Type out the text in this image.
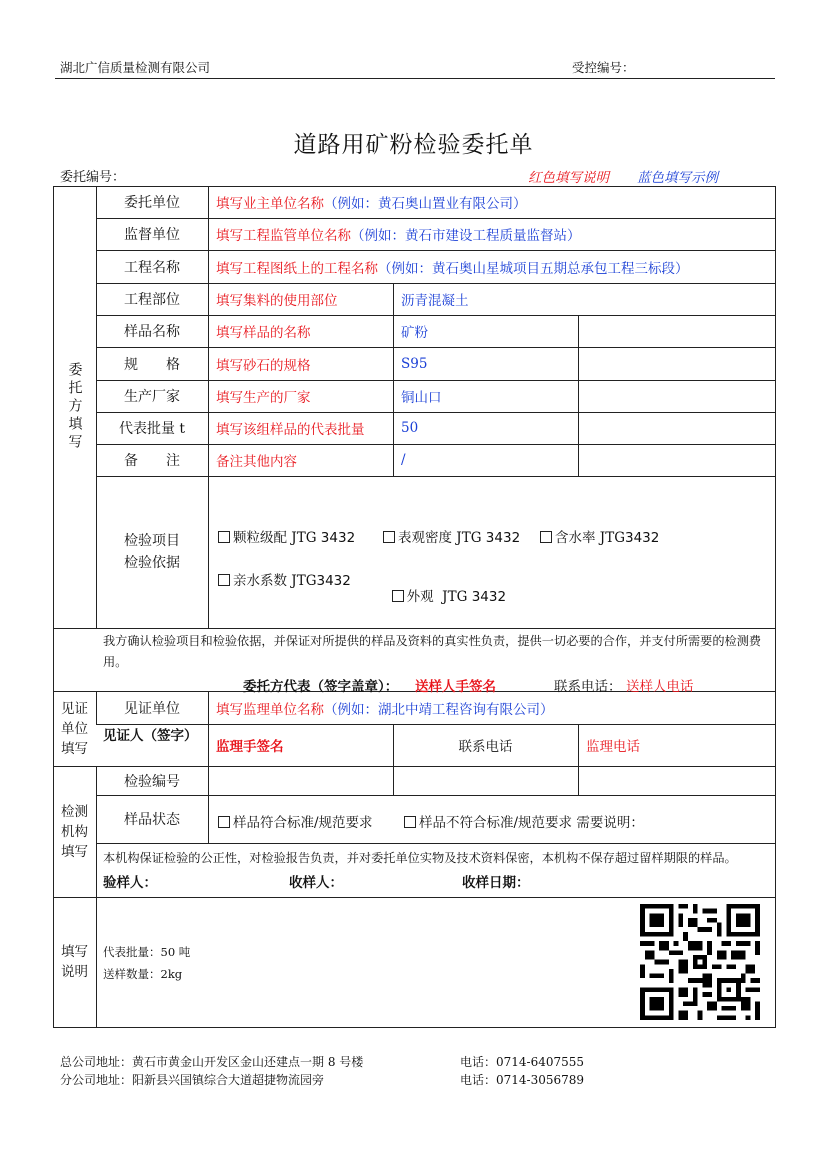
湖北广信质量检测有限公司	受控编号：
道路用矿粉检验委托单
委托编号：	红色填写说明 蓝色填写示例
委托方填写
委托单位	填写业主单位名称 （例如：黄石奥山置业有限公司）
监督单位	填写工程监管单位名称 （例如：黄石市建设工程质量监督站）
工程名称	填写工程图纸上的工程名称 （例如：黄石奥山星城项目五期总承包工程三标段）
工程部位	填写集料的使用部位	沥青混凝土
样品名称	填写样品的名称	矿粉
规　　格	填写砂石的规格	S95
生产厂家	填写生产的厂家	铜山口
代表批量 t	填写该组样品的代表批量	50
备　　注	备注其他内容	/
检验项目
检验依据
颗粒级配 JTG 3432	表观密度 JTG 3432	含水率 JTG3432
亲水系数 JTG3432

外观  JTG 3432

我方确认检验项目和检验依据，并保证对所提供的样品及资料的真实性负责，提供一切必要的合作，并支付所需要的检测费用。
委托方代表（签字盖章）： 送样人手签名	联系电话： 送样人电话
见证单位填写
见证单位	填写监理单位名称 （例如：湖北中靖工程咨询有限公司）
见证人（签字）
监理手签名	联系电话	监理电话
检测机构填写
检验编号
样品状态	样品符合标准/规范要求	样品不符合标准/规范要求 需要说明：
本机构保证检验的公正性，对检验报告负责，并对委托单位实物及技术资料保密，本机构不保存超过留样期限的样品。
验样人：	收样人：	收样日期：
填写说明
代表批量：50 吨
送样数量：2kg
总公司地址：黄石市黄金山开发区金山还建点一期 8 号楼	电话：0714-6407555
分公司地址：阳新县兴国镇综合大道超捷物流园旁	电话：0714-3056789
